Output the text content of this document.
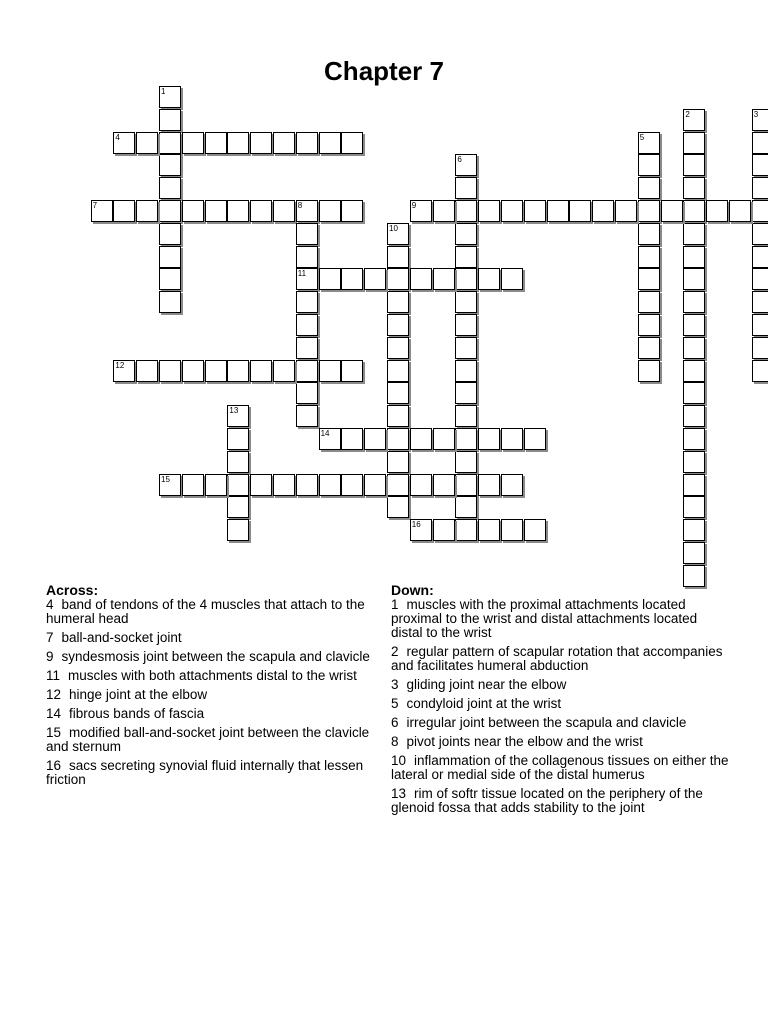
Chapter 7
1
2	3
4	5
6
7	8
11
9
10
12
13
14
15
16
Across:
4 band of tendons of the 4 muscles that attach to the humeral head
7 ball-and-socket joint
9 syndesmosis joint between the scapula and clavicle
11 muscles with both attachments distal to the wrist
12 hinge joint at the elbow
14 fibrous bands of fascia
15 modified ball-and-socket joint between the clavicle and sternum
16 sacs secreting synovial fluid internally that lessen friction
Down:
1 muscles with the proximal attachments located proximal to the wrist and distal attachments located distal to the wrist
2 regular pattern of scapular rotation that accompanies and facilitates humeral abduction
3 gliding joint near the elbow
5 condyloid joint at the wrist
6 irregular joint between the scapula and clavicle
8 pivot joints near the elbow and the wrist
10 inflammation of the collagenous tissues on either the lateral or medial side of the distal humerus
13 rim of softr tissue located on the periphery of the glenoid fossa that adds stability to the joint
